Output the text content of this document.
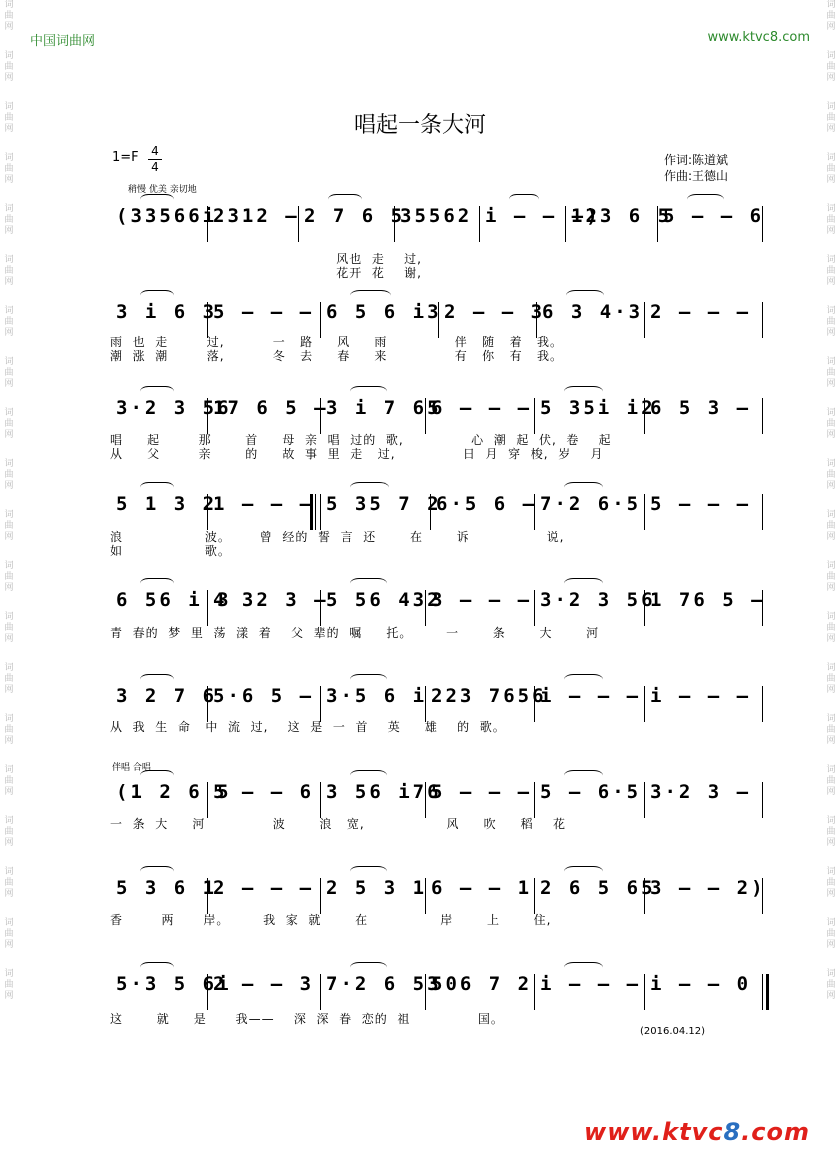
词
曲
网
词
曲
网
词
曲
网
词
曲
网
词
曲
网
词
曲
网
词
曲
网
词
曲
网
词
曲
网
词
曲
网
词
曲
网
词
曲
网
词
曲
网
词
曲
网
词
曲
网
词
曲
网
词
曲
网
词
曲
网
词
曲
网
词
曲
网
词
曲
网
词
曲
网
词
曲
网
词
曲
网
词
曲
网
词
曲
网
词
曲
网
词
曲
网
词
曲
网
词
曲
网
词
曲
网
词
曲
网
词
曲
网
词
曲
网
词
曲
网
词
曲
网
词
曲
网
词
曲
网
词
曲
网
词
曲
网
中国词曲网	www.ktvc8.com
唱起一条大河
1=F 4
4
稍慢 优美 亲切地
作词:陈道斌
作曲:王德山
(33566i
2312 – 2 7 6 5
35562 i – – –)
123 6 5
5 – – 6
风也  走    过,
花开  花    谢,
3 i 6 3
5 – – – 6 5 6 i3 2 – – 3
6 3 4·3 2 – – –
雨  也  走        过,          一   路     风     雨              伴   随   着   我。
潮  涨  潮        落,          冬   去     春     来              有   你   有   我。
3·2 3 56
17 6 5 –
3 i 7 65
6 – – – 5 35i i2
6 5 3 –
唱     起        那       首     母  亲  唱  过的  歌,              心  潮  起  伏,  卷    起
从     父        亲       的     故  事  里  走   过,              日  月  穿  梭,  岁    月
5 1 3 2
1 – – – 5 35 7 2
6·5 6 – 7·2 6·5 5 – – –
浪                 波。      曾  经的  誓  言  还       在       诉                说,
如                 歌。
6 56 i 3
4 32 3 –
5 56 432
3 – – – 3·2 3 56
1 76 5 –
青  春的  梦  里  荡  漾  着    父  辈的  嘱     托。       一       条       大       河
3 2 7 6
5·6 5 – 3·5 6 i 223 7656
i – – – i – – –
从  我  生  命   中  流  过,    这  是  一  首    英     雄    的  歌。
(1 2 6 5
5 – – 6 3 56 i76
5 – – – 5 – 6·5 3·2 3 –
一  条  大     河              波       浪   宽,                 风     吹     稻    花
5 3 6 1
2 – – – 2 5 3 1 6 – – 1 2 6 5 65
3 – – 2)
香        两      岸。       我  家  就       在               岸       上       住,
5·3 5 6i
2 – – 3 7·2 6 53
506 7 2 i – – – i – – 0
这       就     是      我——    深  深  眷  恋的  祖              国。
伴唱 合唱
(2016.04.12)
www.ktvc8.com
